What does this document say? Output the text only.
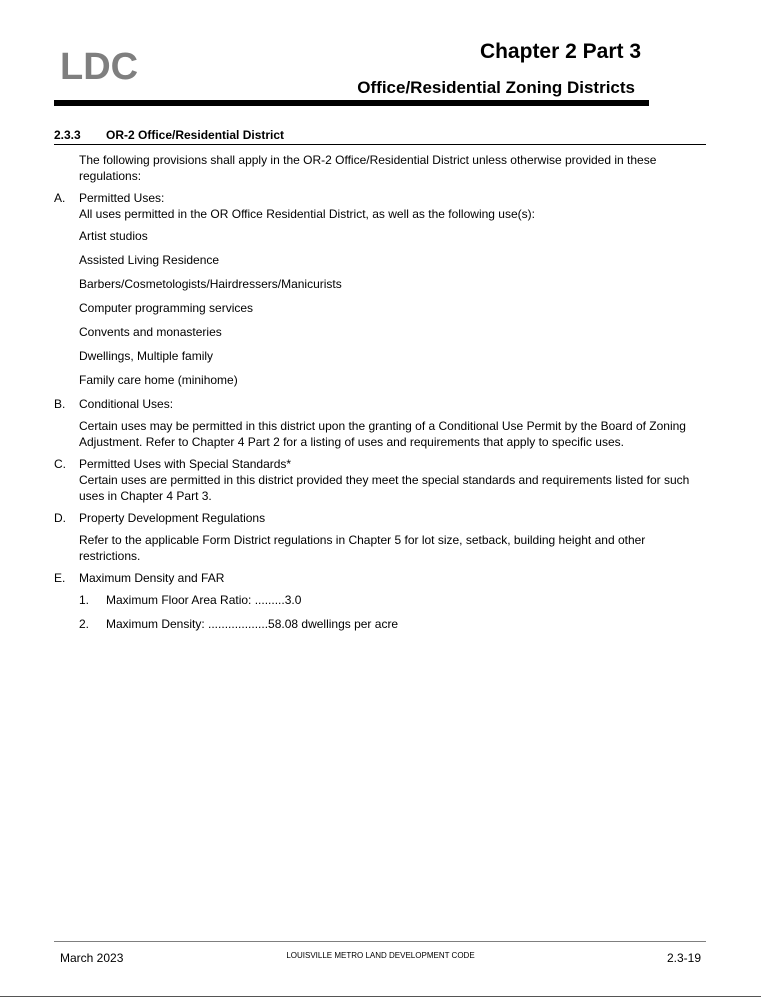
LDC	Chapter 2 Part 3
Office/Residential Zoning Districts
2.3.3 OR-2 Office/Residential District

The following provisions shall apply in the OR-2 Office/Residential District unless otherwise provided in these regulations:

A.	Permitted Uses:
All uses permitted in the OR Office Residential District, as well as the following use(s):
Artist studios
Assisted Living Residence
Barbers/Cosmetologists/Hairdressers/Manicurists
Computer programming services
Convents and monasteries
Dwellings, Multiple family
Family care home (minihome)
B.	Conditional Uses:

Certain uses may be permitted in this district upon the granting of a Conditional Use Permit by the Board of Zoning Adjustment. Refer to Chapter 4 Part 2 for a listing of uses and requirements that apply to specific uses.

C.	Permitted Uses with Special Standards*
Certain uses are permitted in this district provided they meet the special standards and requirements listed for such uses in Chapter 4 Part 3.
D.	Property Development Regulations

Refer to the applicable Form District regulations in Chapter 5 for lot size, setback, building height and other restrictions.

E.	Maximum Density and FAR
1.	Maximum Floor Area Ratio: .........3.0
2.	Maximum Density: ..................58.08 dwellings per acre
March 2023	LOUISVILLE METRO LAND DEVELOPMENT CODE	2.3-19
